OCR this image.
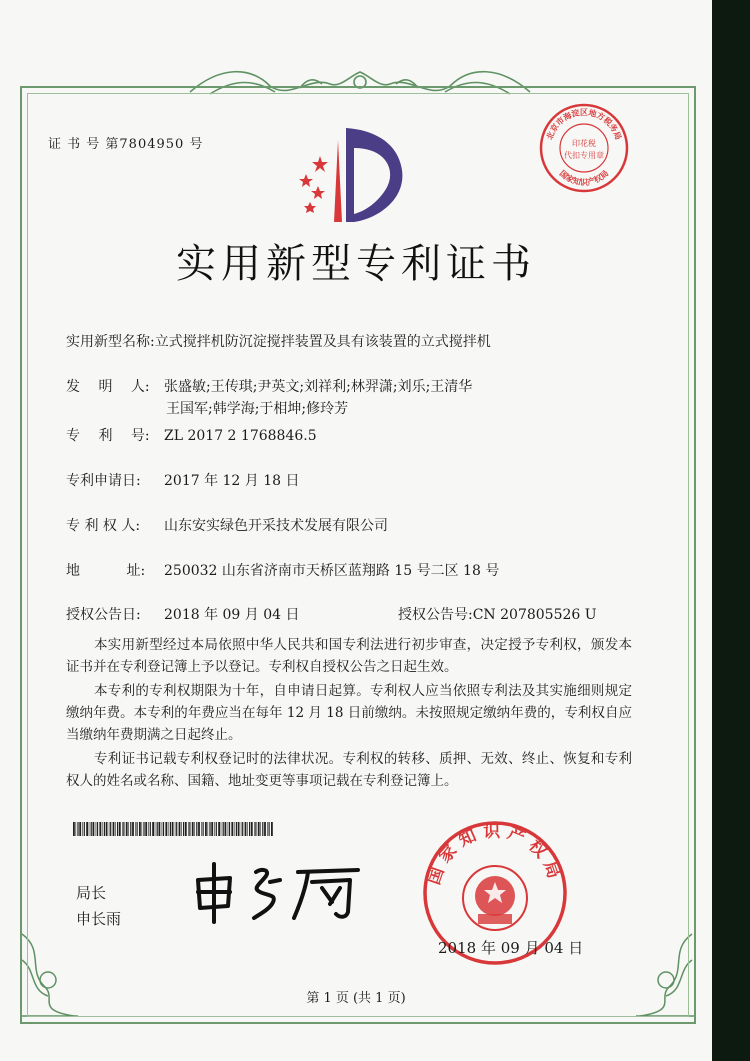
证 书 号 第7804950 号
实用新型专利证书
北京市海淀区地方税务局
印花税
代扣专用章
国家知识产权局
实用新型名称:立式搅拌机防沉淀搅拌装置及具有该装置的立式搅拌机
发　 明　 人: 张盛敏;王传琪;尹英文;刘祥利;林羿潇;刘乐;王清华
王国军;韩学海;于相坤;修玲芳
专　 利　 号: ZL 2017 2 1768846.5
专利申请日: 2017 年 12 月 18 日
专 利 权 人: 山东安实绿色开采技术发展有限公司
地　　　 址: 250032 山东省济南市天桥区蓝翔路 15 号二区 18 号
授权公告日: 2018 年 09 月 04 日	授权公告号:CN 207805526 U
本实用新型经过本局依照中华人民共和国专利法进行初步审查，决定授予专利权，颁发本证书并在专利登记簿上予以登记。专利权自授权公告之日起生效。
本专利的专利权期限为十年，自申请日起算。专利权人应当依照专利法及其实施细则规定缴纳年费。本专利的年费应当在每年 12 月 18 日前缴纳。未按照规定缴纳年费的，专利权自应当缴纳年费期满之日起终止。
专利证书记载专利权登记时的法律状况。专利权的转移、质押、无效、终止、恢复和专利权人的姓名或名称、国籍、地址变更等事项记载在专利登记簿上。
局长
申长雨
国家知识产权局
2018 年 09 月 04 日
第 1 页 (共 1 页)
